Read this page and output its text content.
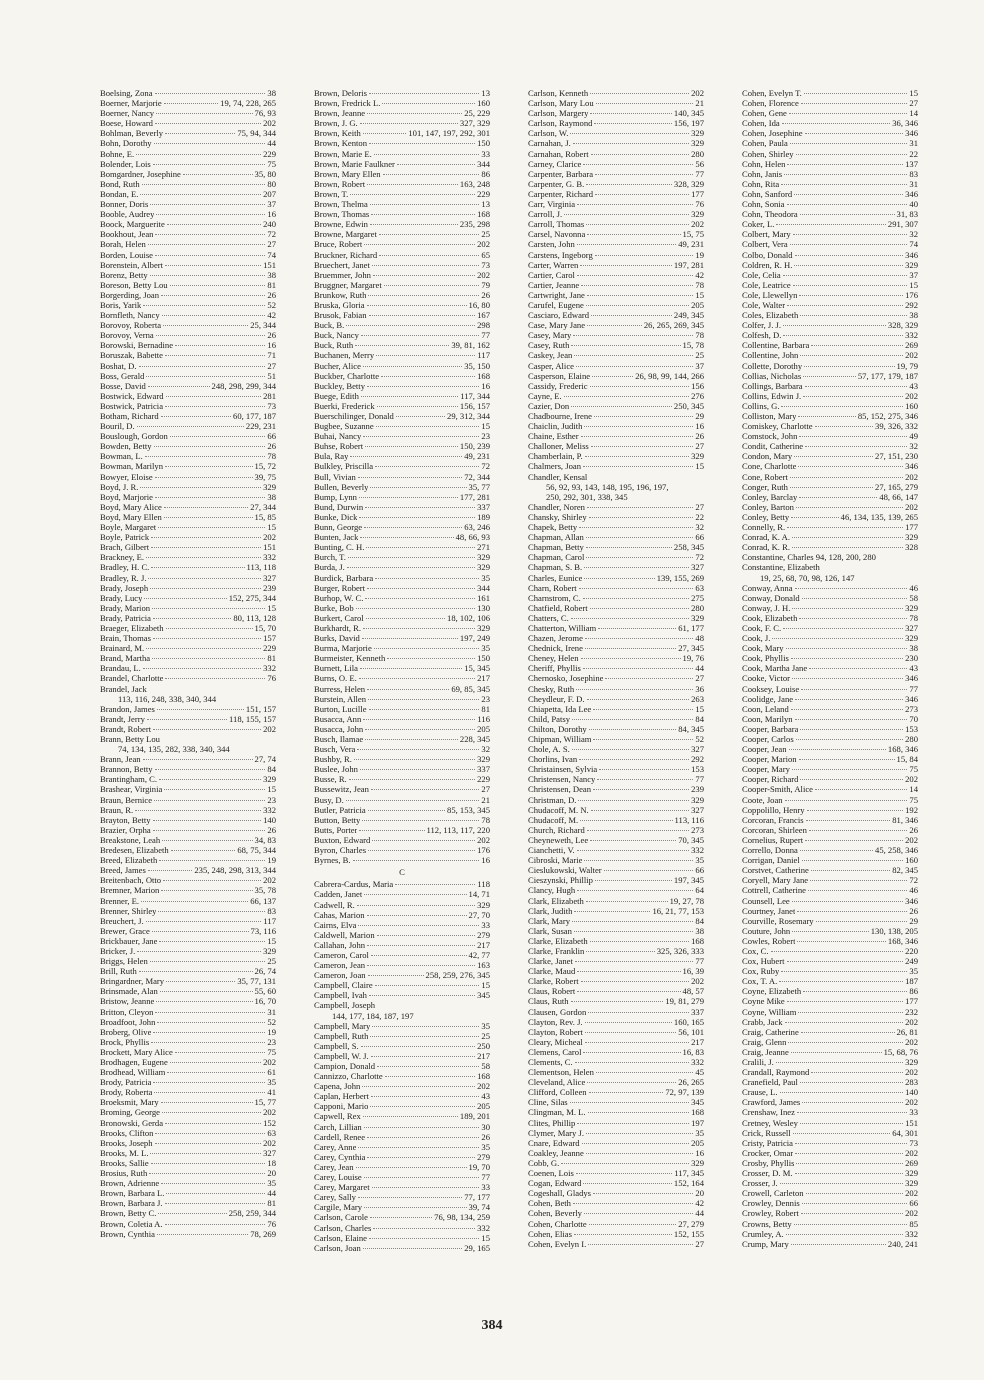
Boelsing, Zona	38
Boerner, Marjorie	19, 74, 228, 265
Boerner, Nancy	76, 93
Boese, Howard	202
Bohlman, Beverly	75, 94, 344
Bohn, Dorothy	44
Bohne, E.	229
Bolender, Lois	75
Bomgardner, Josephine	35, 80
Bond, Ruth	80
Bondan, E.	207
Bonner, Doris	37
Booble, Audrey	16
Boock, Marguerite	240
Bookhout, Jean	72
Borah, Helen	27
Borden, Louise	74
Borenstein, Albert	151
Borenz, Betty	38
Boreson, Betty Lou	81
Borgerding, Joan	26
Boris, Yarik	52
Bornfleth, Nancy	42
Borovoy, Roberta	25, 344
Borovoy, Verna	26
Borowski, Bernadine	16
Boruszak, Babette	71
Boshat, D.	27
Boss, Gerald	51
Bosse, David	248, 298, 299, 344
Bostwick, Edward	281
Bostwick, Patricia	73
Botham, Richard	60, 177, 187
Bouril, D.	229, 231
Bouslough, Gordon	66
Bowden, Betty	26
Bowman, L.	78
Bowman, Marilyn	15, 72
Bowyer, Eloise	39, 75
Boyd, J. R.	329
Boyd, Marjorie	38
Boyd, Mary Alice	27, 344
Boyd, Mary Ellen	15, 85
Boyle, Margaret	15
Boyle, Patrick	202
Brach, Gilbert	151
Brackney, E.	332
Bradley, H. C.	113, 118
Bradley, R. J.	327
Brady, Joseph	239
Brady, Lucy	152, 275, 344
Brady, Marion	15
Brady, Patricia	80, 113, 128
Braeger, Elizabeth	15, 70
Brain, Thomas	157
Brainard, M.	229
Brand, Martha	81
Brandau, L.	332
Brandel, Charlotte	76
Brandel, Jack
113, 116, 248, 338, 340, 344
Brandon, James	151, 157
Brandt, Jerry	118, 155, 157
Brandt, Robert	202
Brann, Betty Lou
74, 134, 135, 282, 338, 340, 344
Brann, Jean	27, 74
Brannon, Betty	84
Brantingham, C.	329
Brashear, Virginia	15
Braun, Bernice	23
Braun, R.	332
Brayton, Betty	140
Brazier, Orpha	26
Breakstone, Leah	34, 83
Bredesen, Elizabeth	68, 75, 344
Breed, Elizabeth	19
Breed, James	235, 248, 298, 313, 344
Breitenbach, Otto	202
Bremner, Marion	35, 78
Brenner, E.	66, 137
Brenner, Shirley	83
Breuchert, J.	117
Brewer, Grace	73, 116
Brickbauer, Jane	15
Bricker, J.	329
Briggs, Helen	25
Brill, Ruth	26, 74
Bringardner, Mary	35, 77, 131
Brinsmade, Alan	55, 60
Bristow, Jeanne	16, 70
Britton, Cleyon	31
Broadfoot, John	52
Broberg, Olive	19
Brock, Phyllis	23
Brockett, Mary Alice	75
Brodhagen, Eugene	202
Brodhead, William	61
Brody, Patricia	35
Brody, Roberta	41
Broeksmit, Mary	15, 77
Broming, George	202
Bronowski, Gerda	152
Brooks, Clifton	63
Brooks, Joseph	202
Brooks, M. L.	327
Brooks, Sallie	18
Brosius, Ruth	20
Brown, Adrienne	35
Brown, Barbara L.	44
Brown, Barbara J.	81
Brown, Betty C.	258, 259, 344
Brown, Coletia A.	76
Brown, Cynthia	78, 269
Brown, Deloris	13
Brown, Fredrick L.	160
Brown, Jeanne	25, 229
Brown, J. G.	327, 329
Brown, Keith	101, 147, 197, 292, 301
Brown, Kenton	150
Brown, Marie E.	33
Brown, Marie Faulkner	344
Brown, Mary Ellen	86
Brown, Robert	163, 248
Brown, T.	229
Brown, Thelma	13
Brown, Thomas	168
Browne, Edwin	235, 298
Browne, Margaret	25
Bruce, Robert	202
Bruckner, Richard	65
Bruechert, Janet	73
Bruemmer, John	202
Bruggner, Margaret	79
Brunkow, Ruth	26
Bruska, Gloria	16, 80
Brusok, Fabian	167
Buck, B.	298
Buck, Nancy	77
Buck, Ruth	39, 81, 162
Buchanen, Merry	117
Bucher, Alice	35, 150
Buckber, Charlotte	168
Buckley, Betty	16
Buege, Edith	117, 344
Buerki, Frederick	156, 157
Buerschilinger, Donald	29, 312, 344
Bugbee, Suzanne	15
Buhai, Nancy	23
Buhse, Robert	150, 239
Bula, Ray	49, 231
Bulkley, Priscilla	72
Bull, Vivian	72, 344
Bullen, Beverly	35, 77
Bump, Lynn	177, 281
Bund, Durwin	337
Bunke, Dick	189
Bunn, George	63, 246
Bunten, Jack	48, 66, 93
Bunting, C. H.	271
Burch, T.	329
Burda, J.	329
Burdick, Barbara	35
Burger, Robert	344
Burhop, W. C.	161
Burke, Bob	130
Burkert, Carol	18, 102, 106
Burkhardt, R.	329
Burks, David	197, 249
Burma, Marjorie	35
Burmeister, Kenneth	150
Burnett, Lila	15, 345
Burns, O. E.	217
Burress, Helen	69, 85, 345
Burstein, Allen	23
Burton, Lucille	81
Busacca, Ann	116
Busacca, John	205
Busch, Ilamae	228, 345
Busch, Vera	32
Bushby, R.	329
Buslee, John	337
Busse, R.	229
Bussewitz, Jean	27
Busy, D.	21
Butler, Patricia	85, 153, 345
Button, Betty	78
Butts, Porter	112, 113, 117, 220
Buxton, Edward	202
Byron, Charles	176
Byrnes, B.	16
C
Cabrera-Cardus, Maria	118
Cadden, Janet	14, 71
Cadwell, R.	329
Cahas, Marion	27, 70
Cairns, Elva	33
Caldwell, Marion	279
Callahan, John	217
Cameron, Carol	42, 77
Cameron, Jean	163
Cameron, Joan	258, 259, 276, 345
Campbell, Claire	15
Campbell, Ivah	345
Campbell, Joseph
144, 177, 184, 187, 197
Campbell, Mary	35
Campbell, Ruth	25
Campbell, S.	250
Campbell, W. J.	217
Campion, Donald	58
Cannizzo, Charlotte	168
Capena, John	202
Caplan, Herbert	43
Capponi, Mario	205
Capwell, Rex	189, 201
Carch, Lillian	30
Cardell, Renee	26
Carey, Anne	35
Carey, Cynthia	279
Carey, Jean	19, 70
Carey, Louise	77
Carey, Margaret	33
Carey, Sally	77, 177
Cargile, Mary	39, 74
Carlson, Carole	76, 98, 134, 259
Carlson, Charles	332
Carlson, Elaine	15
Carlson, Joan	29, 165
Carlson, Kenneth	202
Carlson, Mary Lou	21
Carlson, Margery	140, 345
Carlson, Raymond	156, 197
Carlson, W.	329
Carnahan, J.	329
Carnahan, Robert	280
Carney, Clarice	56
Carpenter, Barbara	77
Carpenter, G. B.	328, 329
Carpenter, Richard	177
Carr, Virginia	76
Carroll, J.	329
Carroll, Thomas	202
Carsel, Navonna	15, 75
Carsten, John	49, 231
Carstens, Ingeborg	19
Carter, Warren	197, 281
Cartier, Carol	42
Cartier, Jeanne	78
Cartwright, Jane	15
Carufel, Eugene	205
Casciaro, Edward	249, 345
Case, Mary Jane	26, 265, 269, 345
Casey, Mary	78
Casey, Ruth	15, 78
Caskey, Jean	25
Casper, Alice	37
Casperson, Elaine	26, 98, 99, 144, 266
Cassidy, Frederic	156
Cayne, E.	276
Cazier, Don	250, 345
Chadbourne, Irene	29
Chaiclin, Judith	16
Chaine, Esther	26
Challoner, Meliss	27
Chamberlain, P.	329
Chalmers, Joan	15
Chandler, Kensal
56, 92, 93, 143, 148, 195, 196, 197,
250, 292, 301, 338, 345
Chandler, Noren	27
Chansky, Shirley	22
Chapek, Betty	32
Chapman, Allan	66
Chapman, Betty	258, 345
Chapman, Carol	72
Chapman, S. B.	327
Charles, Eunice	139, 155, 269
Charn, Robert	63
Charnstrom, C.	275
Chatfield, Robert	280
Chatters, C.	329
Chatterton, William	61, 177
Chazen, Jerome	48
Chednick, Irene	27, 345
Cheney, Helen	19, 76
Cheriff, Phyllis	44
Chernosko, Josephine	27
Chesky, Ruth	36
Cheydleur, F. D.	263
Chiapetta, Ida Lee	15
Child, Patsy	84
Chilton, Dorothy	84, 345
Chipman, William	52
Chole, A. S.	327
Chorlins, Ivan	292
Christainsen, Sylvia	153
Christensen, Nancy	77
Christensen, Dean	239
Christman, D.	329
Chudacoff, M. N.	327
Chudacoff, M.	113, 116
Church, Richard	273
Cheyneweth, Lee	70, 345
Cianchetti, V.	332
Cibroski, Marie	35
Cieslukowski, Walter	66
Cieszynski, Phillip	197, 345
Clancy, Hugh	64
Clark, Elizabeth	19, 27, 78
Clark, Judith	16, 21, 77, 153
Clark, Mary	84
Clark, Susan	38
Clarke, Elizabeth	168
Clarke, Franklin	325, 326, 333
Clarke, Janet	77
Clarke, Maud	16, 39
Clarke, Robert	202
Claus, Robert	48, 57
Claus, Ruth	19, 81, 279
Clausen, Gordon	337
Clayton, Rev. J.	160, 165
Clayton, Robert	56, 101
Cleary, Micheal	217
Clemens, Carol	16, 83
Clements, C.	332
Clementson, Helen	45
Cleveland, Alice	26, 265
Clifford, Colleen	72, 97, 139
Cline, Silas	345
Clingman, M. L.	168
Clites, Phillip	197
Clymer, Mary J.	35
Cnare, Edward	205
Coakley, Jeanne	16
Cobb, G.	329
Coenen, Lois	117, 345
Cogan, Edward	152, 164
Cogeshall, Gladys	20
Cohen, Beth	42
Cohen, Beverly	44
Cohen, Charlotte	27, 279
Cohen, Elias	152, 155
Cohen, Evelyn I.	27
Cohen, Evelyn T.	15
Cohen, Florence	27
Cohen, Gene	14
Cohen, Ida	36, 346
Cohen, Josephine	346
Cohen, Paula	31
Cohen, Shirley	22
Cohn, Helen	137
Cohn, Janis	83
Cohn, Rita	31
Cohn, Sanford	346
Cohn, Sonia	40
Cohn, Theodora	31, 83
Coker, L.	291, 307
Colbert, Mary	32
Colbert, Vera	74
Colbo, Donald	346
Coldren, R. H.	329
Cole, Celia	37
Cole, Leatrice	15
Cole, Llewellyn	176
Cole, Walter	292
Coles, Elizabeth	38
Colfer, J. J.	328, 329
Colfesh, D.	332
Collentine, Barbara	269
Collentine, John	202
Collette, Dorothy	19, 79
Collias, Nicholas	57, 177, 179, 187
Collings, Barbara	43
Collins, Edwin J.	202
Collins, G.	160
Colliston, Mary	85, 152, 275, 346
Comiskey, Charlotte	39, 326, 332
Comstock, John	49
Condit, Catherine	32
Condon, Mary	27, 151, 230
Cone, Charlotte	346
Cone, Robert	202
Conger, Ruth	27, 165, 279
Conley, Barclay	48, 66, 147
Conley, Barton	202
Conley, Betty	46, 134, 135, 139, 265
Connelly, R.	177
Conrad, K. A.	329
Conrad, K. R.	328
Constantine, Charles 94, 128, 200, 280
Constantine, Elizabeth
19, 25, 68, 70, 98, 126, 147
Conway, Anna	46
Conway, Donald	58
Conway, J. H.	329
Cook, Elizabeth	78
Cook, F. C.	327
Cook, J.	329
Cook, Mary	38
Cook, Phyllis	230
Cook, Martha Jane	43
Cooke, Victor	346
Cooksey, Louise	77
Coolidge, Jane	346
Coon, Leland	273
Coon, Marilyn	70
Cooper, Barbara	153
Cooper, Carlos	280
Cooper, Jean	168, 346
Cooper, Marion	15, 84
Cooper, Mary	75
Cooper, Richard	202
Cooper-Smith, Alice	14
Coote, Joan	75
Coppolillo, Henry	192
Corcoran, Francis	81, 346
Corcoran, Shirleen	26
Cornelius, Rupert	202
Corrello, Donna	45, 258, 346
Corrigan, Daniel	160
Corstvet, Catherine	82, 345
Coryell, Mary Jane	72
Cottrell, Catherine	46
Counsell, Lee	346
Courtney, Janet	26
Courville, Rosemary	29
Couture, John	130, 138, 205
Cowles, Robert	168, 346
Cox, C.	220
Cox, Hubert	249
Cox, Ruby	35
Cox, T. A.	187
Coyne, Elizabeth	86
Coyne Mike	177
Coyne, William	232
Crabb, Jack	202
Craig, Catherine	26, 81
Craig, Glenn	202
Craig, Jeanne	15, 68, 76
Cralili, J.	329
Crandall, Raymond	202
Cranefield, Paul	283
Crause, L.	140
Crawford, James	202
Crenshaw, Inez	33
Cretney, Wesley	151
Crick, Russell	64, 301
Cristy, Patricia	73
Crocker, Omar	202
Crosby, Phyllis	269
Crosser, D. M.	329
Crosser, J.	329
Crowell, Carleton	202
Crowley, Dennis	66
Crowley, Robert	202
Crowns, Betty	85
Crumley, A.	332
Crump, Mary	240, 241
384
